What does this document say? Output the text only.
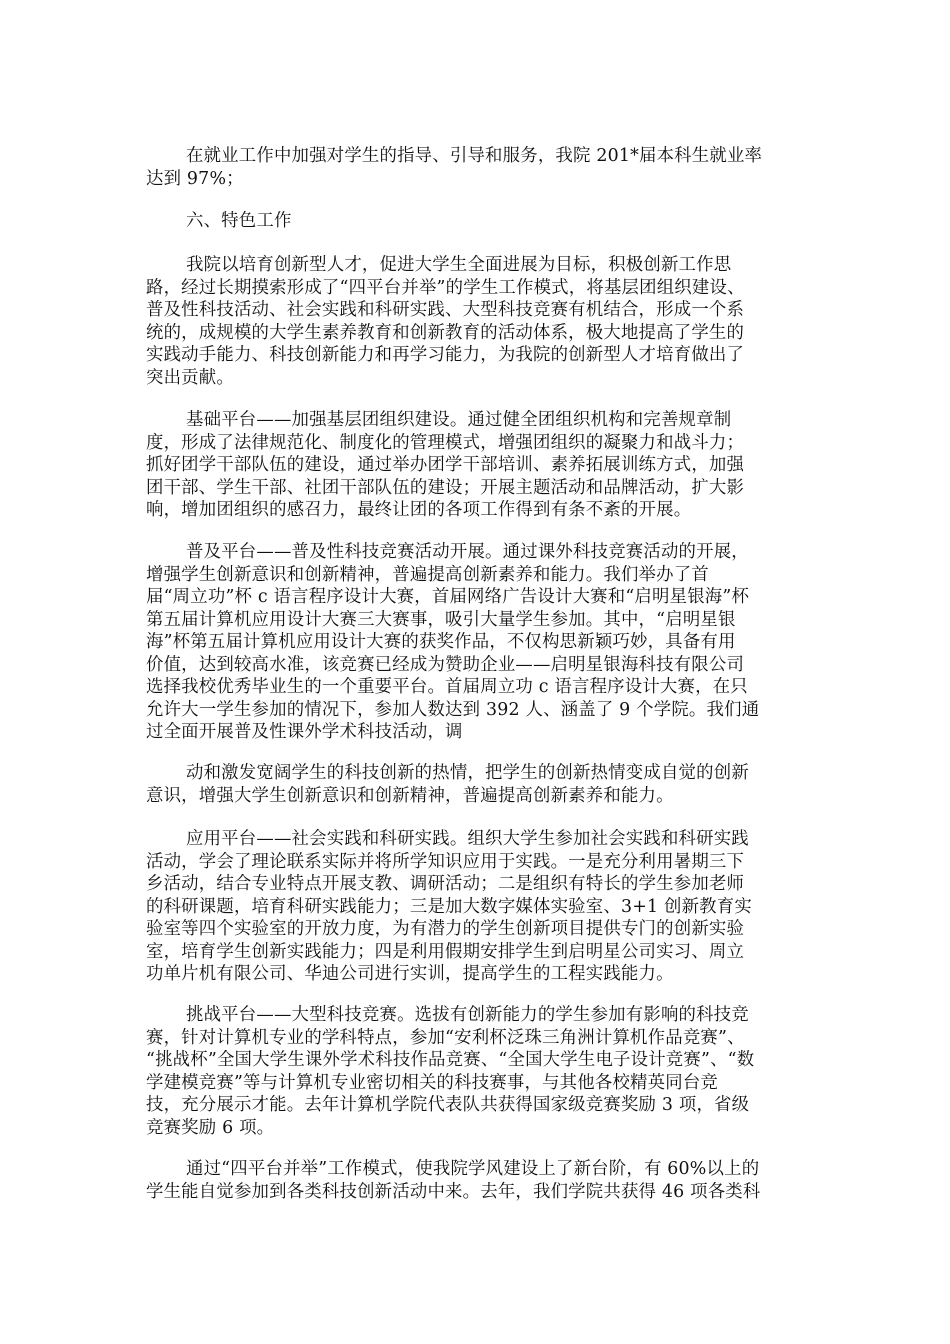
在就业工作中加强对学生的指导、引导和服务，我院 201*届本科生就业率
达到 97%；
六、特色工作
我院以培育创新型人才，促进大学生全面进展为目标，积极创新工作思
路，经过长期摸索形成了“四平台并举”的学生工作模式，将基层团组织建设、
普及性科技活动、社会实践和科研实践、大型科技竞赛有机结合，形成一个系
统的，成规模的大学生素养教育和创新教育的活动体系，极大地提高了学生的
实践动手能力、科技创新能力和再学习能力，为我院的创新型人才培育做出了
突出贡献。
基础平台——加强基层团组织建设。通过健全团组织机构和完善规章制
度，形成了法律规范化、制度化的管理模式，增强团组织的凝聚力和战斗力；
抓好团学干部队伍的建设，通过举办团学干部培训、素养拓展训练方式，加强
团干部、学生干部、社团干部队伍的建设；开展主题活动和品牌活动，扩大影
响，增加团组织的感召力，最终让团的各项工作得到有条不紊的开展。
普及平台——普及性科技竞赛活动开展。通过课外科技竞赛活动的开展，
增强学生创新意识和创新精神，普遍提高创新素养和能力。我们举办了首
届“周立功”杯 c 语言程序设计大赛，首届网络广告设计大赛和“启明星银海”杯
第五届计算机应用设计大赛三大赛事，吸引大量学生参加。其中，“启明星银
海”杯第五届计算机应用设计大赛的获奖作品，不仅构思新颖巧妙，具备有用
价值，达到较高水准，该竞赛已经成为赞助企业——启明星银海科技有限公司
选择我校优秀毕业生的一个重要平台。首届周立功 c 语言程序设计大赛，在只
允许大一学生参加的情况下，参加人数达到 392 人、涵盖了 9 个学院。我们通
过全面开展普及性课外学术科技活动，调
动和激发宽阔学生的科技创新的热情，把学生的创新热情变成自觉的创新
意识，增强大学生创新意识和创新精神，普遍提高创新素养和能力。
应用平台——社会实践和科研实践。组织大学生参加社会实践和科研实践
活动，学会了理论联系实际并将所学知识应用于实践。一是充分利用暑期三下
乡活动，结合专业特点开展支教、调研活动；二是组织有特长的学生参加老师
的科研课题，培育科研实践能力；三是加大数字媒体实验室、3+1 创新教育实
验室等四个实验室的开放力度，为有潜力的学生创新项目提供专门的创新实验
室，培育学生创新实践能力；四是利用假期安排学生到启明星公司实习、周立
功单片机有限公司、华迪公司进行实训，提高学生的工程实践能力。
挑战平台——大型科技竞赛。选拔有创新能力的学生参加有影响的科技竞
赛，针对计算机专业的学科特点，参加“安利杯泛珠三角洲计算机作品竞赛”、
“挑战杯”全国大学生课外学术科技作品竞赛、“全国大学生电子设计竞赛”、“数
学建模竞赛”等与计算机专业密切相关的科技赛事，与其他各校精英同台竞
技，充分展示才能。去年计算机学院代表队共获得国家级竞赛奖励 3 项，省级
竞赛奖励 6 项。
通过“四平台并举”工作模式，使我院学风建设上了新台阶，有 60%以上的
学生能自觉参加到各类科技创新活动中来。去年，我们学院共获得 46 项各类科
